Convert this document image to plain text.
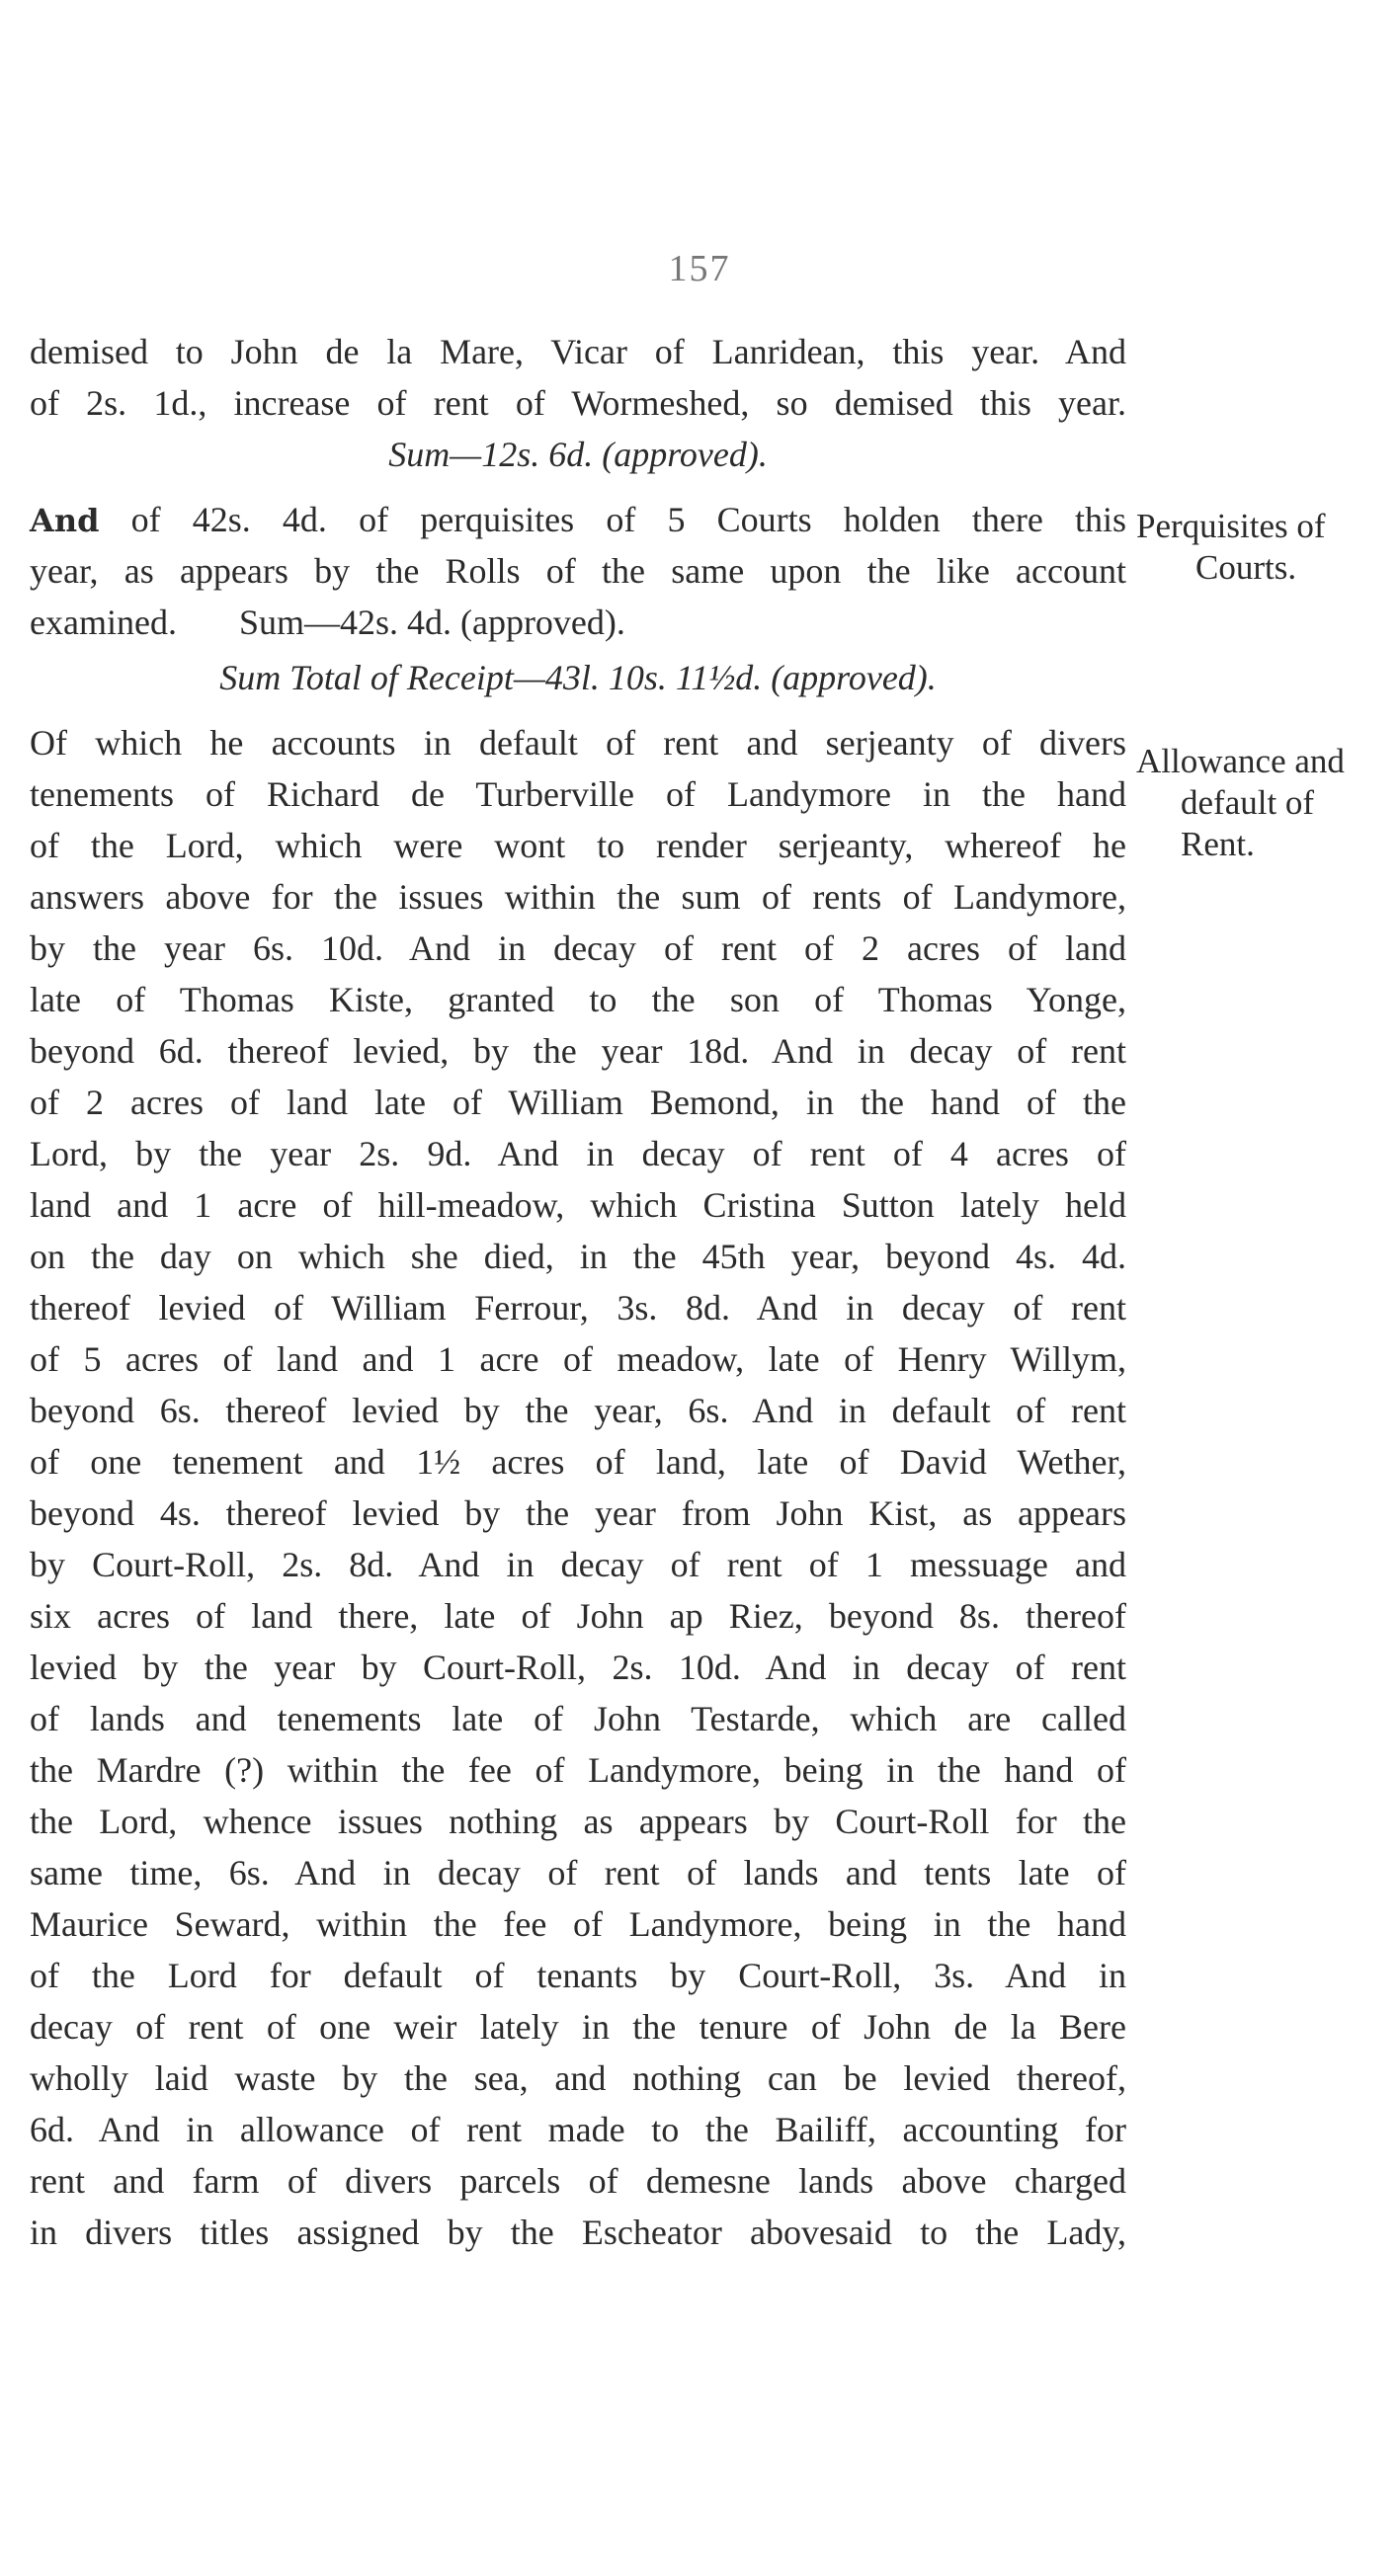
157
demised to John de la Mare, Vicar of Lanridean, this year. And
of 2s. 1d., increase of rent of Wormeshed, so demised this year.
Sum—12s. 6d. (approved).
And of 42s. 4d. of perquisites of 5 Courts holden there this
year, as appears by the Rolls of the same upon the like account
examined.       Sum—42s. 4d. (approved).
Sum Total of Receipt—43l. 10s. 11½d. (approved).
Of which he accounts in default of rent and serjeanty of divers
tenements of Richard de Turberville of Landymore in the hand
of the Lord, which were wont to render serjeanty, whereof he
answers above for the issues within the sum of rents of Landymore,
by the year 6s. 10d. And in decay of rent of 2 acres of land
late of Thomas Kiste, granted to the son of Thomas Yonge,
beyond 6d. thereof levied, by the year 18d. And in decay of rent
of 2 acres of land late of William Bemond, in the hand of the
Lord, by the year 2s. 9d. And in decay of rent of 4 acres of
land and 1 acre of hill-meadow, which Cristina Sutton lately held
on the day on which she died, in the 45th year, beyond 4s. 4d.
thereof levied of William Ferrour, 3s. 8d. And in decay of rent
of 5 acres of land and 1 acre of meadow, late of Henry Willym,
beyond 6s. thereof levied by the year, 6s. And in default of rent
of one tenement and 1½ acres of land, late of David Wether,
beyond 4s. thereof levied by the year from John Kist, as appears
by Court-Roll, 2s. 8d. And in decay of rent of 1 messuage and
six acres of land there, late of John ap Riez, beyond 8s. thereof
levied by the year by Court-Roll, 2s. 10d. And in decay of rent
of lands and tenements late of John Testarde, which are called
the Mardre (?) within the fee of Landymore, being in the hand of
the Lord, whence issues nothing as appears by Court-Roll for the
same time, 6s. And in decay of rent of lands and tents late of
Maurice Seward, within the fee of Landymore, being in the hand
of the Lord for default of tenants by Court-Roll, 3s. And in
decay of rent of one weir lately in the tenure of John de la Bere
wholly laid waste by the sea, and nothing can be levied thereof,
6d. And in allowance of rent made to the Bailiff, accounting for
rent and farm of divers parcels of demesne lands above charged
in divers titles assigned by the Escheator abovesaid to the Lady,
Perquisites of
Courts.
Allowance and
default of
Rent.
